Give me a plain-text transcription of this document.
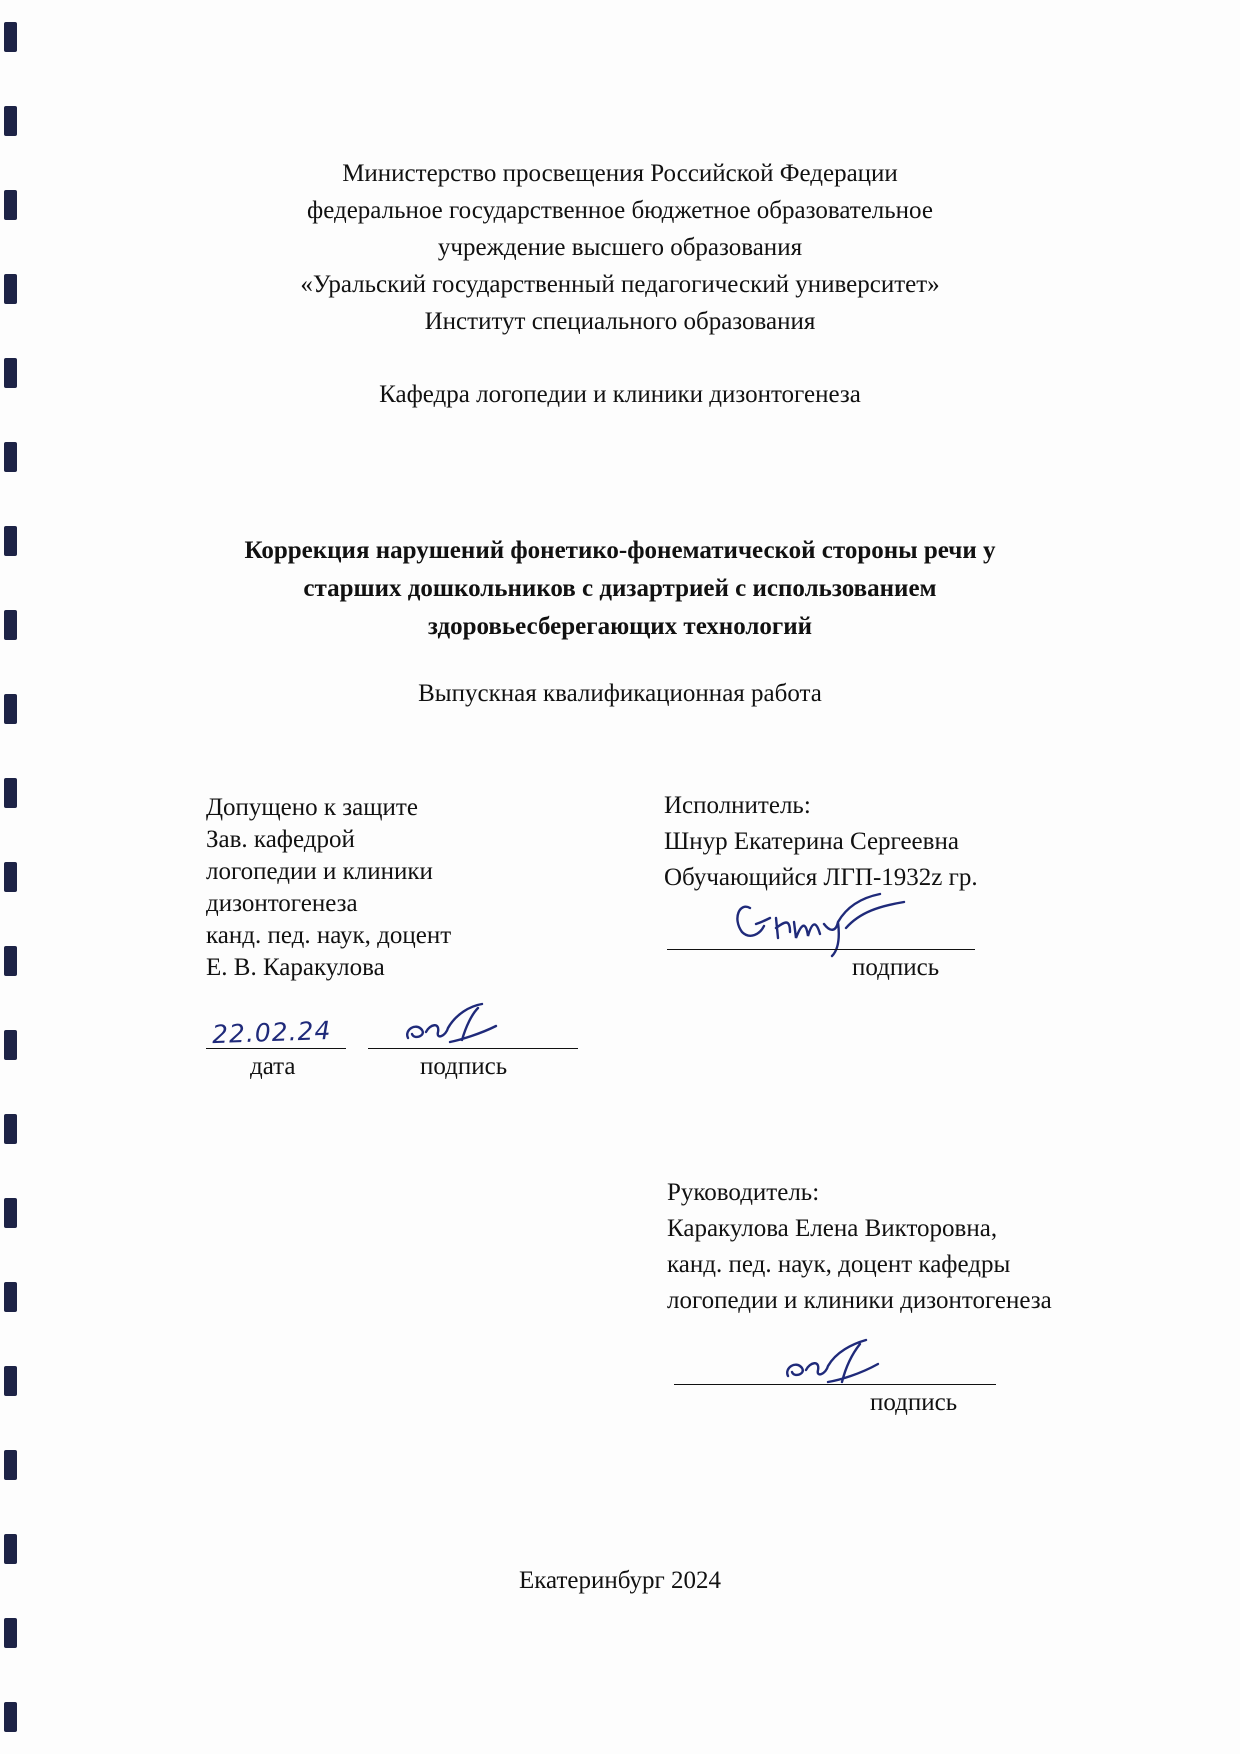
Министерство просвещения Российской Федерации
федеральное государственное бюджетное образовательное
учреждение высшего образования
«Уральский государственный педагогический университет»
Институт специального образования
Кафедра логопедии и клиники дизонтогенеза
Коррекция нарушений фонетико-фонематической стороны речи у
старших дошкольников с дизартрией с использованием
здоровьесберегающих технологий
Выпускная квалификационная работа
Допущено к защите
Зав. кафедрой
логопедии и клиники
дизонтогенеза
канд. пед. наук, доцент
Е. В. Каракулова
22.02.24
дата	подпись
Исполнитель:
Шнур Екатерина Сергеевна
Обучающийся ЛГП-1932z гр.
подпись
Руководитель:
Каракулова Елена Викторовна,
канд. пед. наук, доцент кафедры
логопедии и клиники дизонтогенеза
подпись
Екатеринбург 2024
